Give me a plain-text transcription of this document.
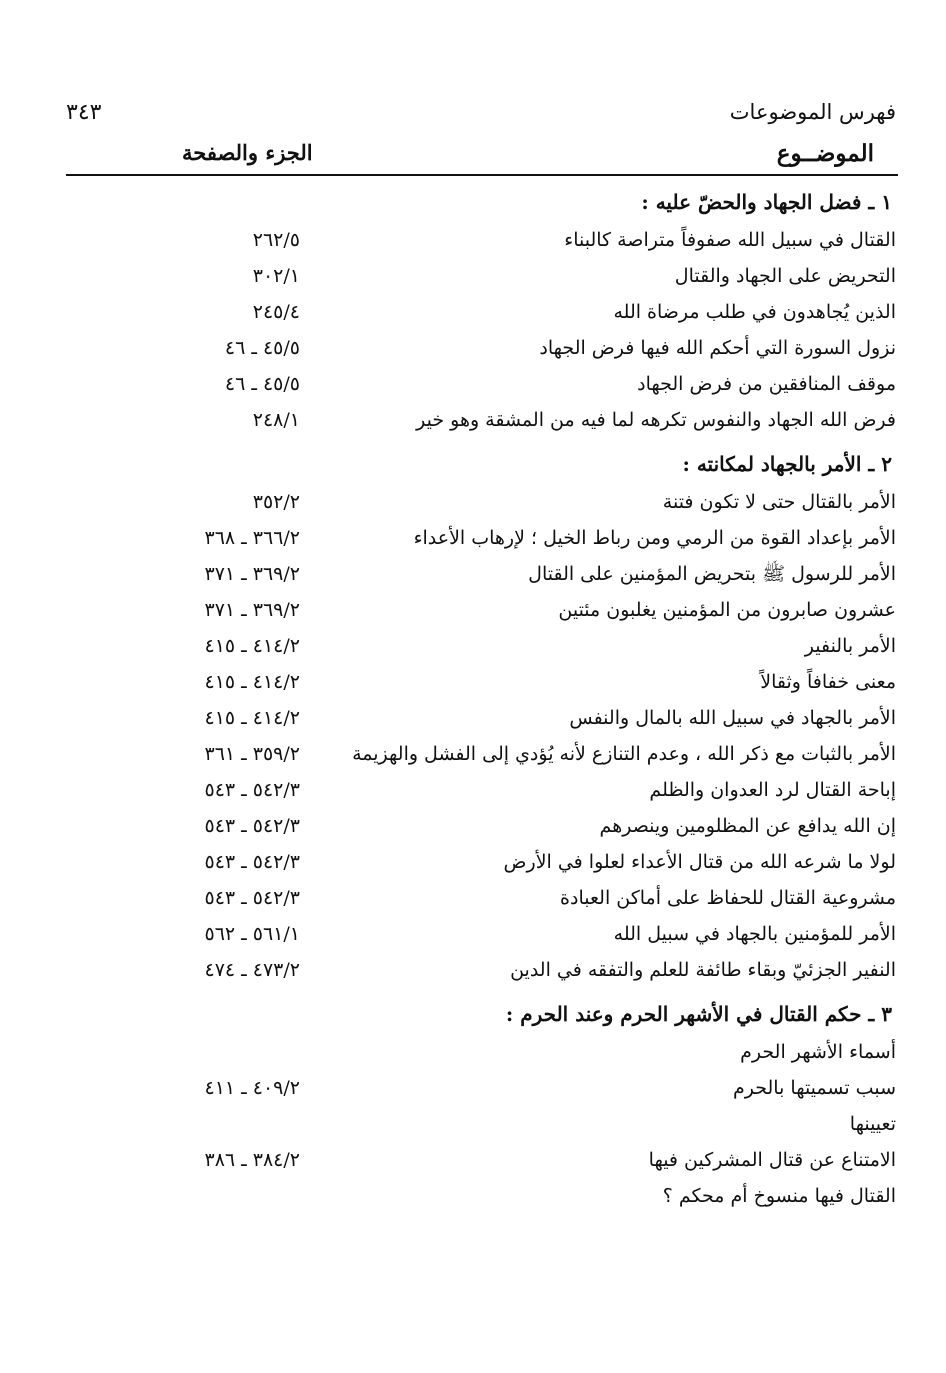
فهرس الموضوعات
٣٤٣
الموضــوع
الجزء والصفحة
١ ـ فضل الجهاد والحضّ عليه :
القتال في سبيل الله صفوفاً متراصة كالبناء
٢٦٢/٥
التحريض على الجهاد والقتال
٣٠٢/١
الذين يُجاهدون في طلب مرضاة الله
٢٤٥/٤
نزول السورة التي أحكم الله فيها فرض الجهاد
٤٥/٥ ـ ٤٦
موقف المنافقين من فرض الجهاد
٤٥/٥ ـ ٤٦
فرض الله الجهاد والنفوس تكرهه لما فيه من المشقة وهو خير
٢٤٨/١
٢ ـ الأمر بالجهاد لمكانته :
الأمر بالقتال حتى لا تكون فتنة
٣٥٢/٢
الأمر بإعداد القوة من الرمي ومن رباط الخيل ؛ لإرهاب الأعداء
٣٦٦/٢ ـ ٣٦٨
الأمر للرسول ﷺ بتحريض المؤمنين على القتال
٣٦٩/٢ ـ ٣٧١
عشرون صابرون من المؤمنين يغلبون مئتين
٣٦٩/٢ ـ ٣٧١
الأمر بالنفير
٤١٤/٢ ـ ٤١٥
معنى خفافاً وثقالاً
٤١٤/٢ ـ ٤١٥
الأمر بالجهاد في سبيل الله بالمال والنفس
٤١٤/٢ ـ ٤١٥
الأمر بالثبات مع ذكر الله ، وعدم التنازع لأنه يُؤدي إلى الفشل والهزيمة
٣٥٩/٢ ـ ٣٦١
إباحة القتال لرد العدوان والظلم
٥٤٢/٣ ـ ٥٤٣
إن الله يدافع عن المظلومين وينصرهم
٥٤٢/٣ ـ ٥٤٣
لولا ما شرعه الله من قتال الأعداء لعلوا في الأرض
٥٤٢/٣ ـ ٥٤٣
مشروعية القتال للحفاظ على أماكن العبادة
٥٤٢/٣ ـ ٥٤٣
الأمر للمؤمنين بالجهاد في سبيل الله
٥٦١/١ ـ ٥٦٢
النفير الجزئيّ وبقاء طائفة للعلم والتفقه في الدين
٤٧٣/٢ ـ ٤٧٤
٣ ـ حكم القتال في الأشهر الحرم وعند الحرم :
أسماء الأشهر الحرم
سبب تسميتها بالحرم
٤٠٩/٢ ـ ٤١١
تعيينها
الامتناع عن قتال المشركين فيها
٣٨٤/٢ ـ ٣٨٦
القتال فيها منسوخ أم محكم ؟
